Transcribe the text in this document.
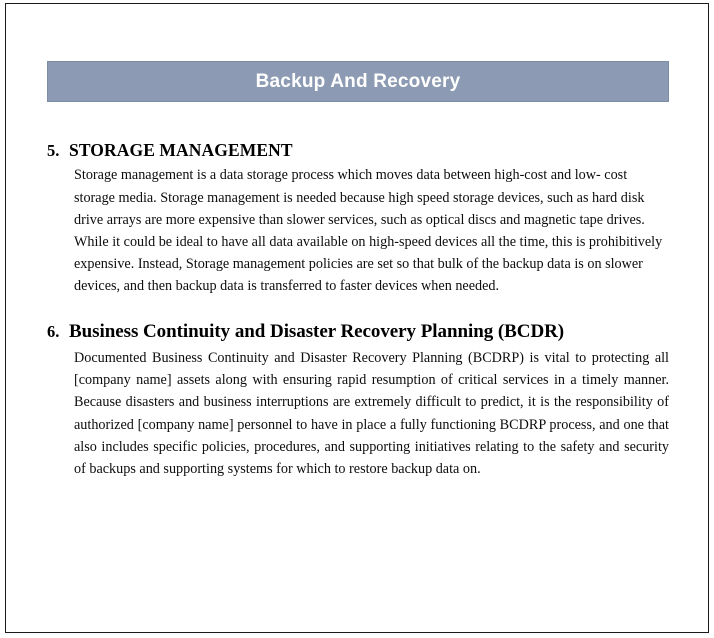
Backup And Recovery
5. STORAGE MANAGEMENT

Storage management is a data storage process which moves data between high-cost and low- cost storage media. Storage management is needed because high speed storage devices, such as hard disk drive arrays are more expensive than slower services, such as optical discs and magnetic tape drives. While it could be ideal to have all data available on high-speed devices all the time, this is prohibitively expensive. Instead, Storage management policies are set so that bulk of the backup data is on slower devices, and then backup data is transferred to faster devices when needed.

6. Business Continuity and Disaster Recovery Planning (BCDR)

Documented Business Continuity and Disaster Recovery Planning (BCDRP) is vital to protecting all [company name] assets along with ensuring rapid resumption of critical services in a timely manner. Because disasters and business interruptions are extremely difficult to predict, it is the responsibility of authorized [company name] personnel to have in place a fully functioning BCDRP process, and one that also includes specific policies, procedures, and supporting initiatives relating to the safety and security of backups and supporting systems for which to restore backup data on.
